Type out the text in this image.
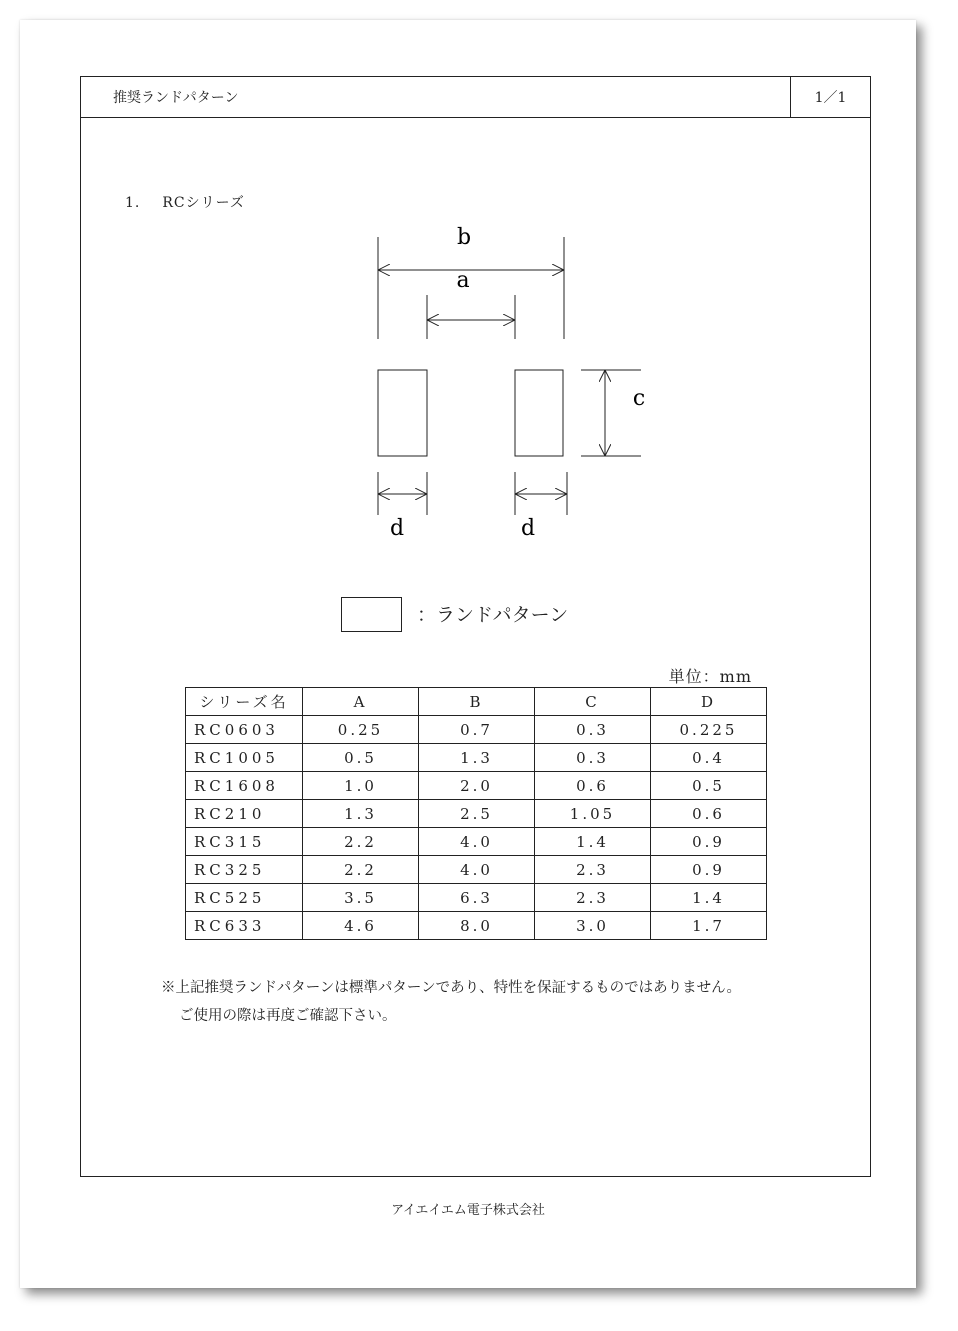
推奨ランドパターン	1／1
1. RCシリーズ
b
a
c
d	d
：ランドパターン
単位：mm
シリーズ名	A	B	C	D
RC0603	0.25	0.7	0.3	0.225
RC1005	0.5	1.3	0.3	0.4
RC1608	1.0	2.0	0.6	0.5
RC210	1.3	2.5	1.05	0.6
RC315	2.2	4.0	1.4	0.9
RC325	2.2	4.0	2.3	0.9
RC525	3.5	6.3	2.3	1.4
RC633	4.6	8.0	3.0	1.7
※上記推奨ランドパターンは標準パターンであり、特性を保証するものではありません。
ご使用の際は再度ご確認下さい。
アイエイエム電子株式会社
